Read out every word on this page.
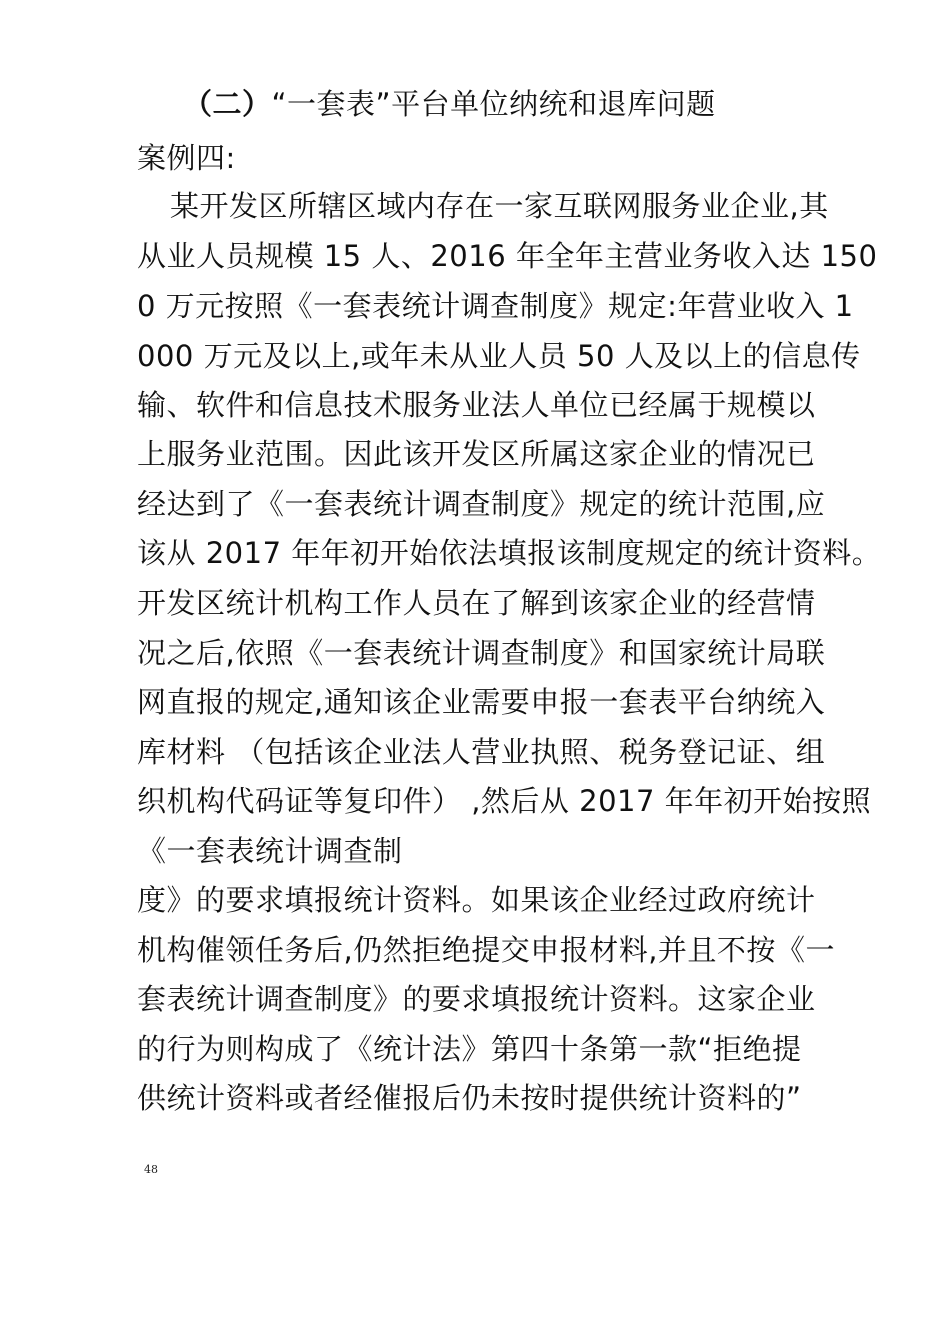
（二）“一套表”平台单位纳统和退库问题
案例四:
某开发区所辖区域内存在一家互联网服务业企业,其
从业人员规模 15 人、2016 年全年主营业务收入达 150
0 万元按照《一套表统计调查制度》规定:年营业收入 1
000 万元及以上,或年未从业人员 50 人及以上的信息传
输、软件和信息技术服务业法人单位已经属于规模以
上服务业范围。因此该开发区所属这家企业的情况已
经达到了《一套表统计调查制度》规定的统计范围,应
该从 2017 年年初开始依法填报该制度规定的统计资料。
开发区统计机构工作人员在了解到该家企业的经营情
况之后,依照《一套表统计调查制度》和国家统计局联
网直报的规定,通知该企业需要申报一套表平台纳统入
库材料 （包括该企业法人营业执照、税务登记证、组
织机构代码证等复印件） ,然后从 2017 年年初开始按照
《一套表统计调查制
度》的要求填报统计资料。如果该企业经过政府统计
机构催领任务后,仍然拒绝提交申报材料,并且不按《一
套表统计调查制度》的要求填报统计资料。这家企业
的行为则构成了《统计法》第四十条第一款“拒绝提
供统计资料或者经催报后仍未按时提供统计资料的”
48
